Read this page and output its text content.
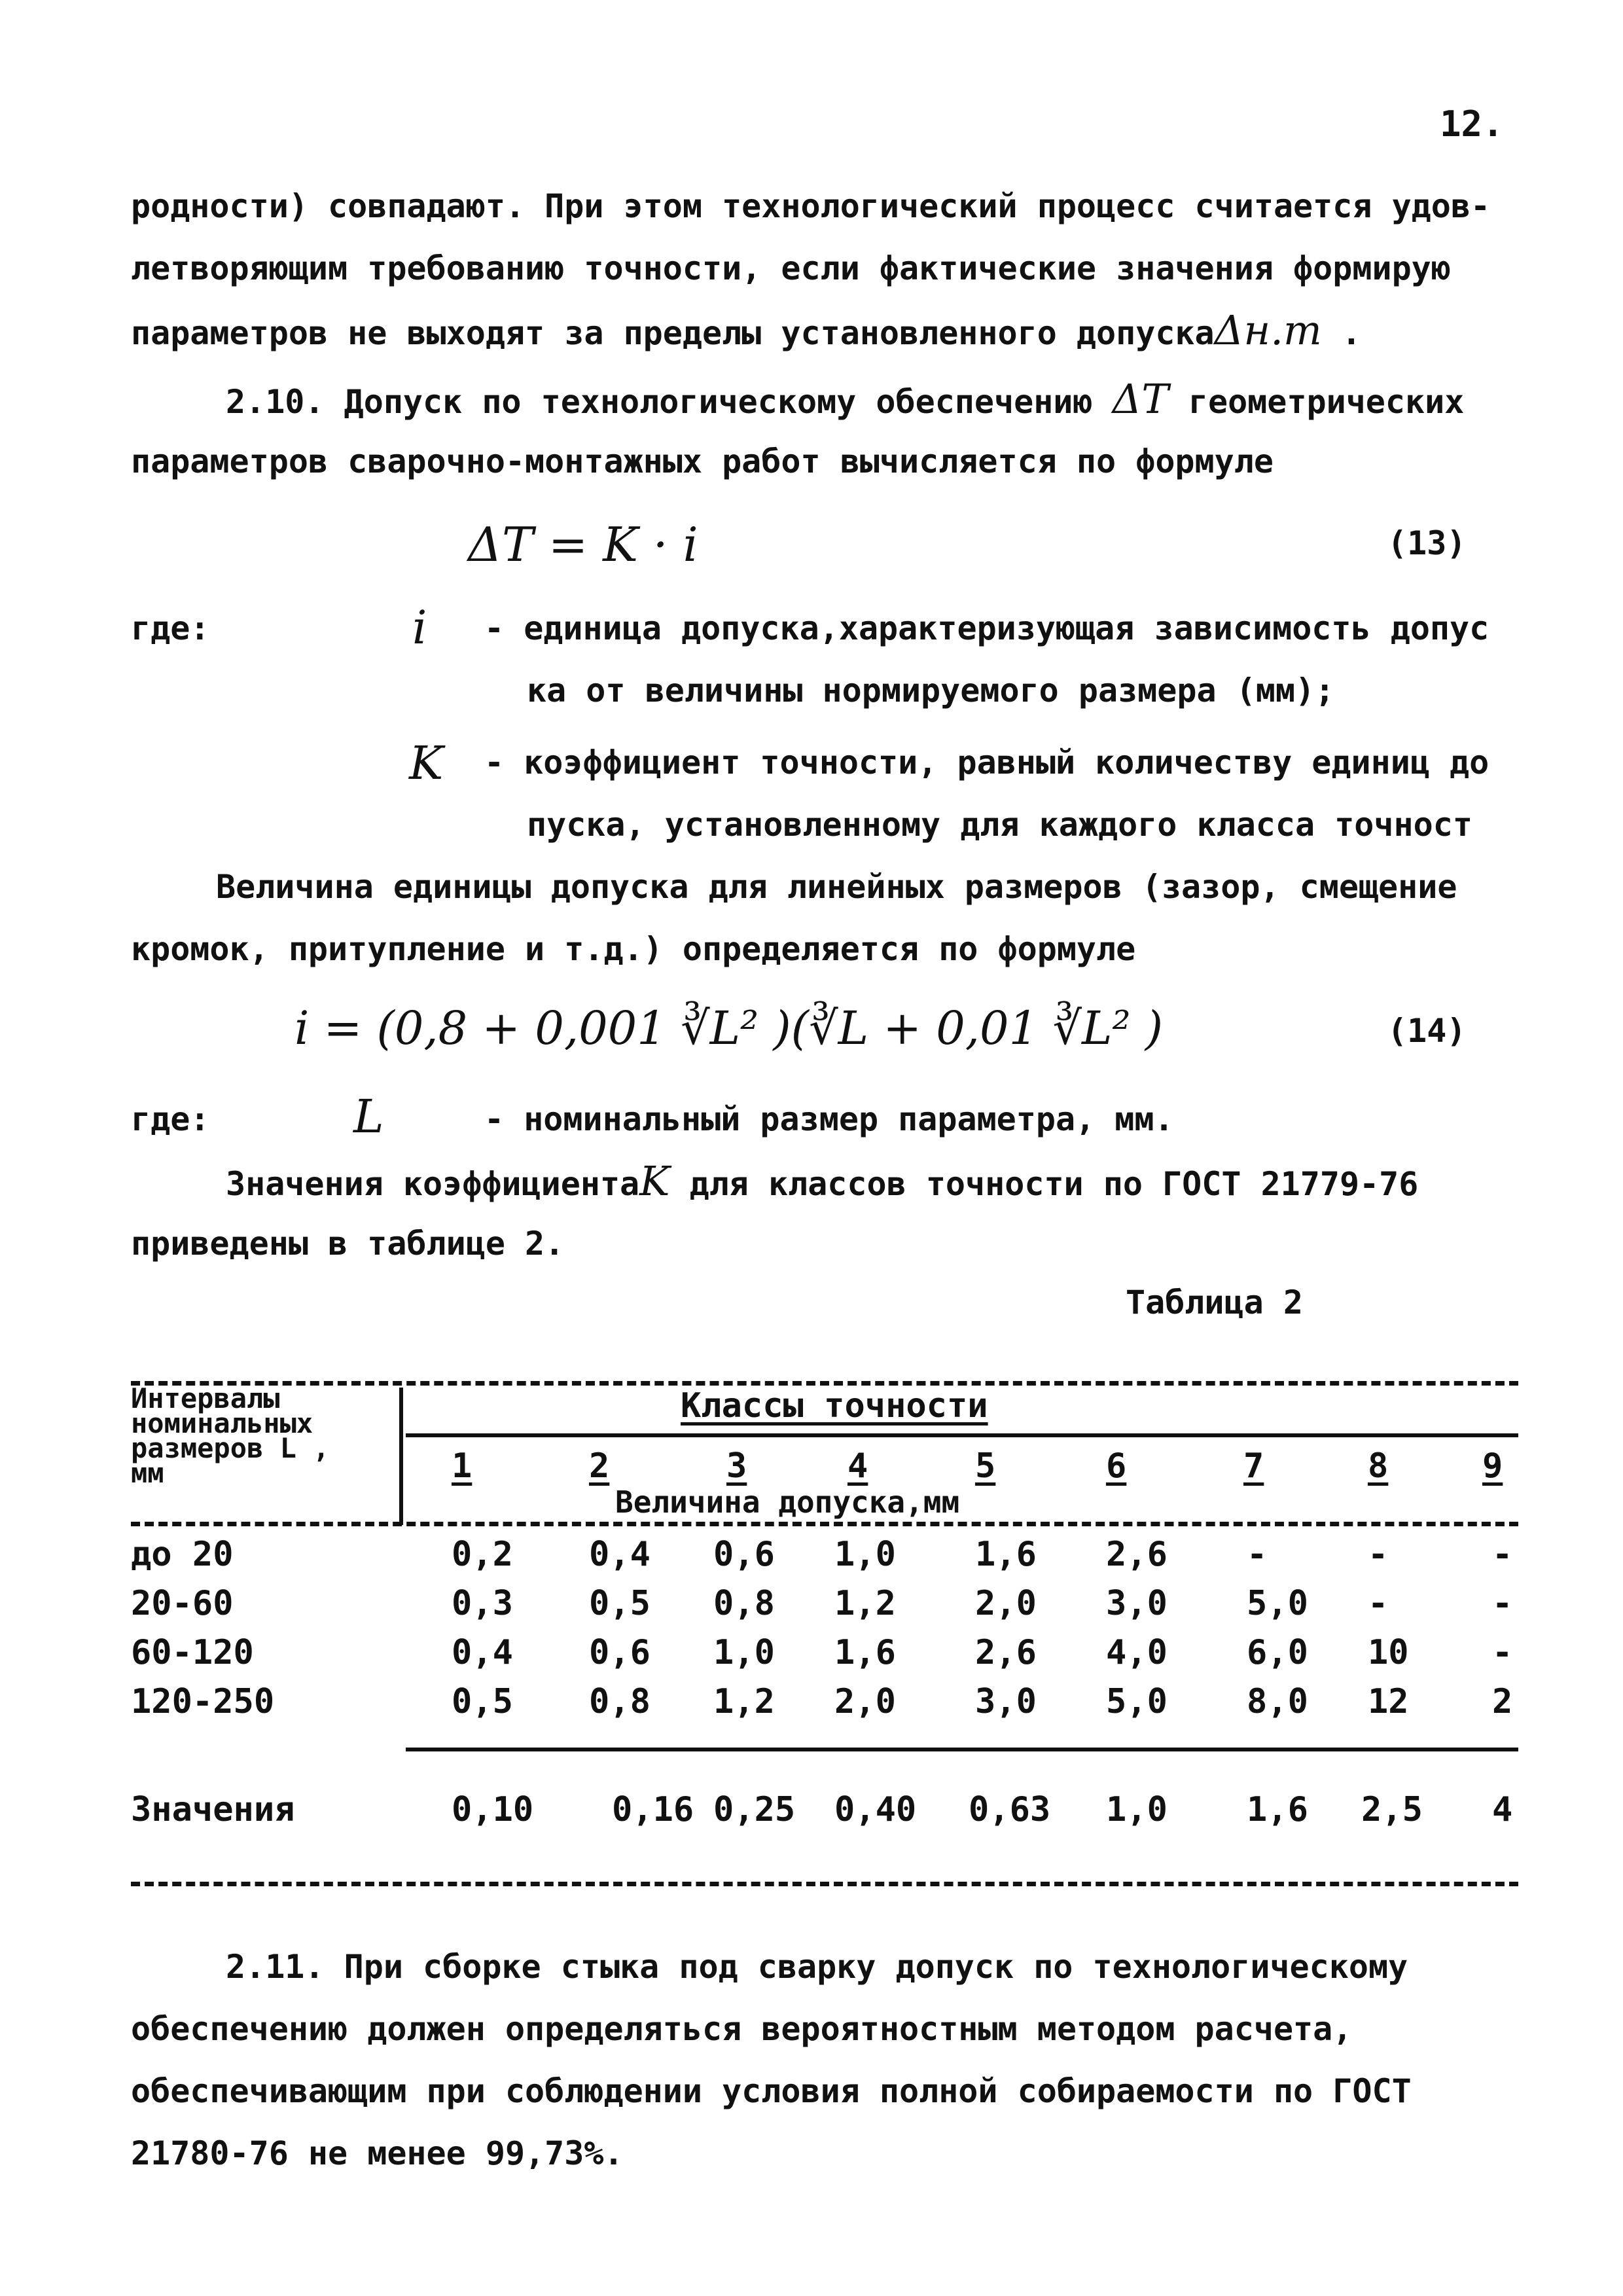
12.
родности) совпадают. При этом технологический процесс считается удов-
летворяющим требованию точности, если фактические значения формирую
параметров не выходят за пределы установленного допускаΔн.т .
2.10. Допуск по технологическому обеспечению ΔТ геометрических
параметров сварочно-монтажных работ вычисляется по формуле
ΔТ = K · i	(13)
где:	i - единица допуска,характеризующая зависимость допус
ка от величины нормируемого размера (мм);
K - коэффициент точности, равный количеству единиц до
пуска, установленному для каждого класса точност
Величина единицы допуска для линейных размеров (зазор, смещение
кромок, притупление и т.д.) определяется по формуле
i = (0,8 + 0,001 ∛L² )(∛L + 0,01 ∛L² )	(14)
где:	L	- номинальный размер параметра, мм.
Значения коэффициентаK для классов точности по ГОСТ 21779-76
приведены в таблице 2.
Таблица 2
Интервалы
номинальных
размеров L ,
мм
Классы точности
1	2	3	4	5	6	7	8	9
Величина допуска,мм
до 20	0,2 0,4 0,6 1,0 1,6 2,6 -	-	-
20-60	0,3 0,5 0,8 1,2 2,0 3,0 5,0 -	-
60-120	0,4 0,6 1,0 1,6 2,6 4,0 6,0 10 -
120-250	0,5 0,8 1,2 2,0 3,0 5,0 8,0 12 2
Значения	0,10 0,16 0,25 0,40 0,63 1,0 1,6 2,5 4
2.11. При сборке стыка под сварку допуск по технологическому
обеспечению должен определяться вероятностным методом расчета,
обеспечивающим при соблюдении условия полной собираемости по ГОСТ
21780-76 не менее 99,73%.
